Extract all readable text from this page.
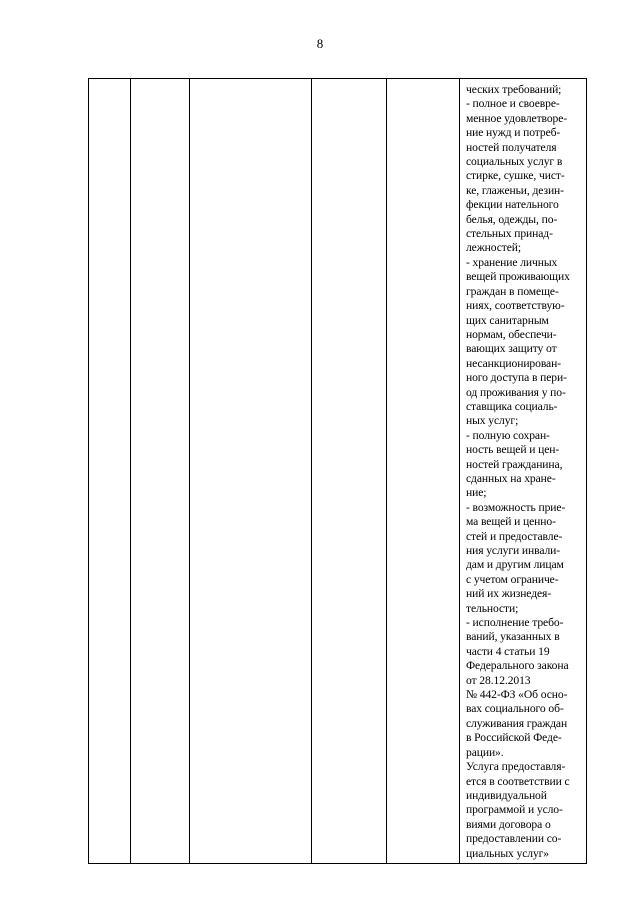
8

ческих требований;
- полное и своевре-
менное удовлетворе-
ние нужд и потреб-
ностей получателя
социальных услуг в
стирке, сушке, чист-
ке, глаженьи, дезин-
фекции нательного
белья, одежды, по-
стельных принад-
лежностей;
- хранение личных
вещей проживающих
граждан в помеще-
ниях, соответствую-
щих санитарным
нормам, обеспечи-
вающих защиту от
несанкционирован-
ного доступа в пери-
од проживания у по-
ставщика социаль-
ных услуг;
- полную сохран-
ность вещей и цен-
ностей гражданина,
сданных на хране-
ние;
- возможность прие-
ма вещей и ценно-
стей и предоставле-
ния услуги инвали-
дам и другим лицам
с учетом ограниче-
ний их жизнедея-
тельности;
- исполнение требо-
ваний, указанных в
части 4 статьи 19
Федерального закона
от 28.12.2013
№ 442-ФЗ «Об осно-
вах социального об-
служивания граждан
в Российской Феде-
рации».
Услуга предоставля-
ется в соответствии с
индивидуальной
программой и усло-
виями договора о
предоставлении со-
циальных услуг»
